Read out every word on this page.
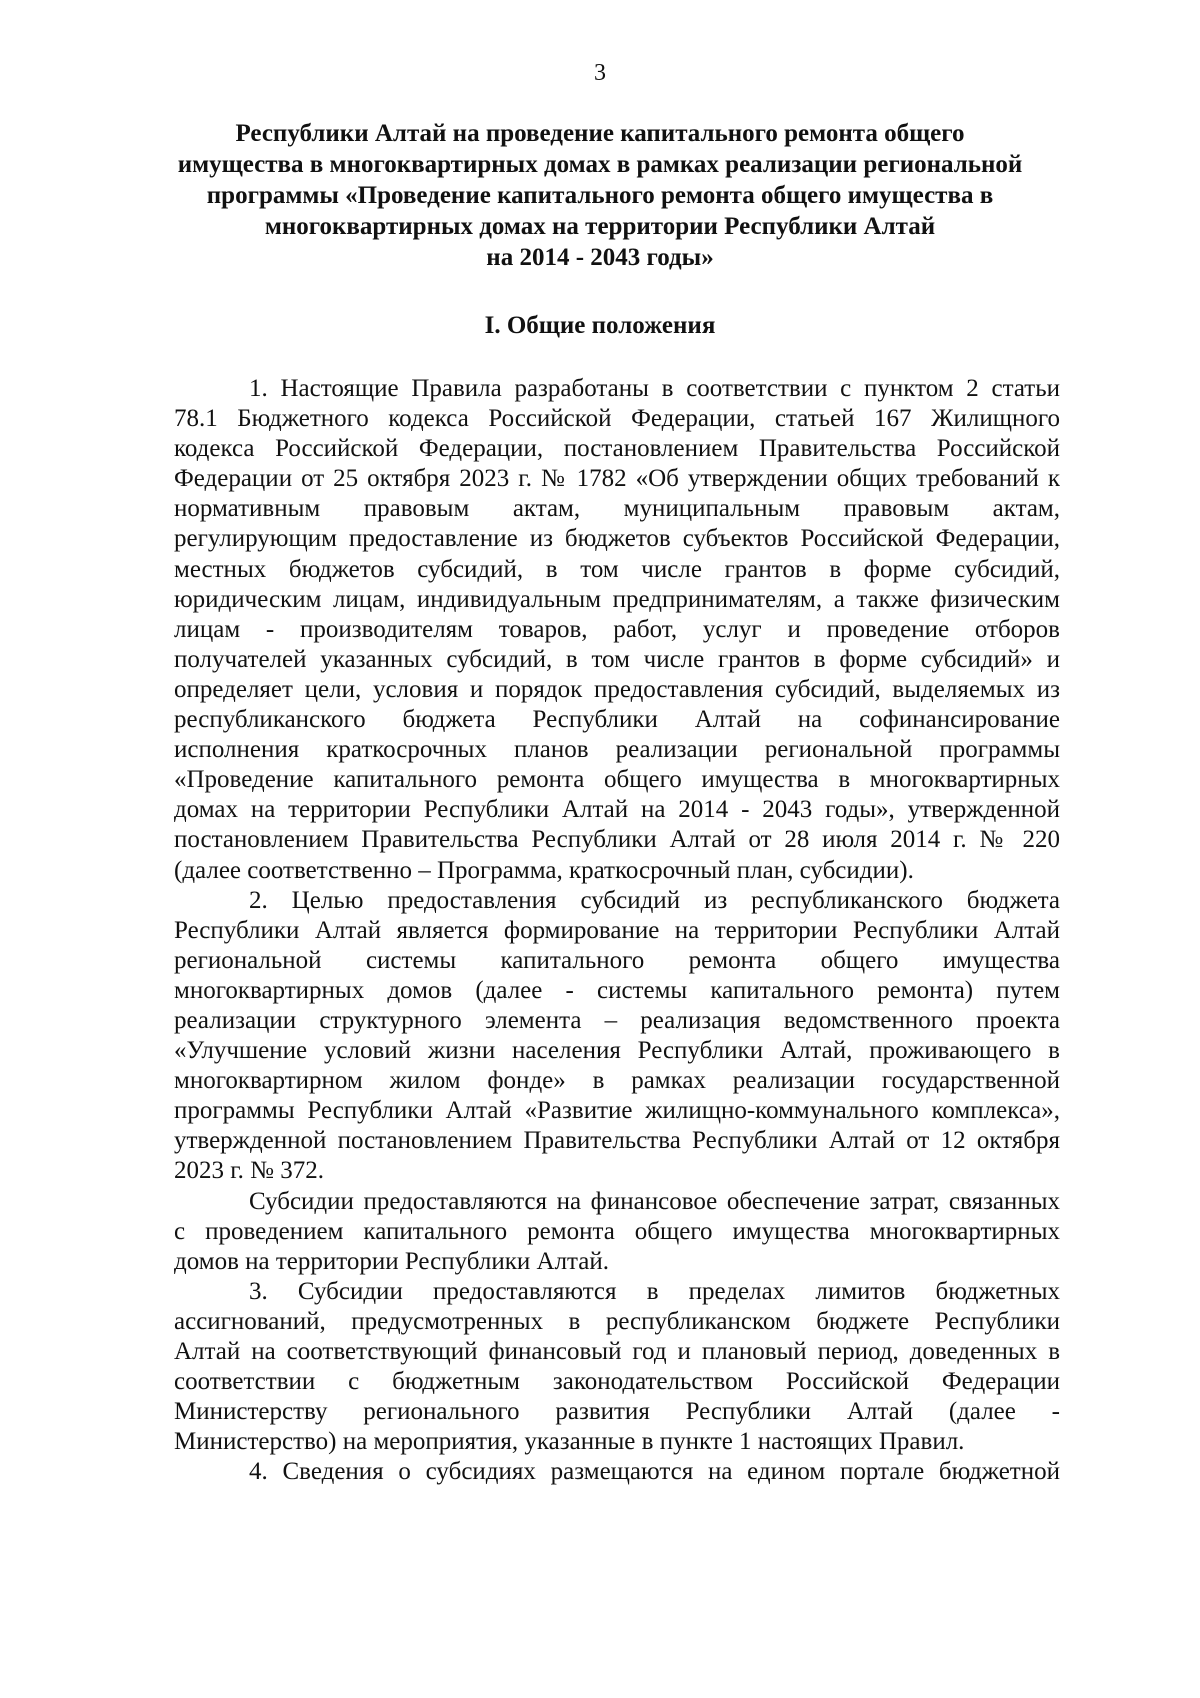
3
Республики Алтай на проведение капитального ремонта общего
имущества в многоквартирных домах в рамках реализации региональной
программы «Проведение капитального ремонта общего имущества в
многоквартирных домах на территории Республики Алтай
на 2014 - 2043 годы»
I. Общие положения
1. Настоящие Правила разработаны в соответствии с пунктом 2 статьи
78.1 Бюджетного кодекса Российской Федерации, статьей 167 Жилищного
кодекса Российской Федерации, постановлением Правительства Российской
Федерации от 25 октября 2023 г. № 1782 «Об утверждении общих требований к
нормативным правовым актам, муниципальным правовым актам,
регулирующим предоставление из бюджетов субъектов Российской Федерации,
местных бюджетов субсидий, в том числе грантов в форме субсидий,
юридическим лицам, индивидуальным предпринимателям, а также физическим
лицам - производителям товаров, работ, услуг и проведение отборов
получателей указанных субсидий, в том числе грантов в форме субсидий» и
определяет цели, условия и порядок предоставления субсидий, выделяемых из
республиканского бюджета Республики Алтай на софинансирование
исполнения краткосрочных планов реализации региональной программы
«Проведение капитального ремонта общего имущества в многоквартирных
домах на территории Республики Алтай на 2014 - 2043 годы», утвержденной
постановлением Правительства Республики Алтай от 28 июля 2014 г. № 220
(далее соответственно – Программа, краткосрочный план, субсидии).
2. Целью предоставления субсидий из республиканского бюджета
Республики Алтай является формирование на территории Республики Алтай
региональной системы капитального ремонта общего имущества
многоквартирных домов (далее - системы капитального ремонта) путем
реализации структурного элемента – реализация ведомственного проекта
«Улучшение условий жизни населения Республики Алтай, проживающего в
многоквартирном жилом фонде» в рамках реализации государственной
программы Республики Алтай «Развитие жилищно-коммунального комплекса»,
утвержденной постановлением Правительства Республики Алтай от 12 октября
2023 г. № 372.
Субсидии предоставляются на финансовое обеспечение затрат, связанных
с проведением капитального ремонта общего имущества многоквартирных
домов на территории Республики Алтай.
3. Субсидии предоставляются в пределах лимитов бюджетных
ассигнований, предусмотренных в республиканском бюджете Республики
Алтай на соответствующий финансовый год и плановый период, доведенных в
соответствии с бюджетным законодательством Российской Федерации
Министерству регионального развития Республики Алтай (далее -
Министерство) на мероприятия, указанные в пункте 1 настоящих Правил.
4. Сведения о субсидиях размещаются на едином портале бюджетной
